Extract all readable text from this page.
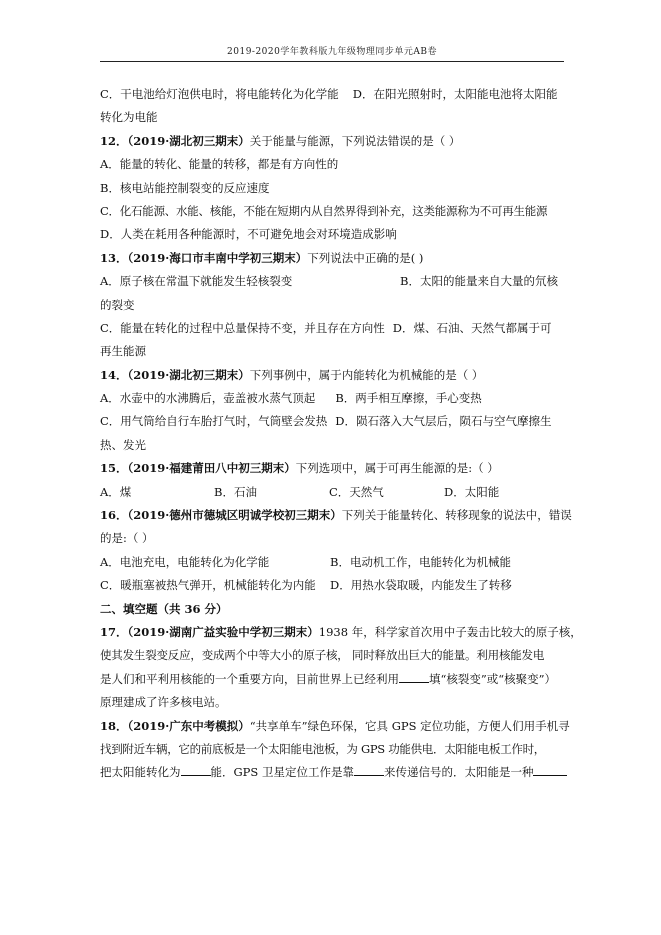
2019-2020学年教科版九年级物理同步单元AB卷
C．干电池给灯泡供电时，将电能转化为化学能 D．在阳光照射时，太阳能电池将太阳能
转化为电能
12．（2019·湖北初三期末）关于能量与能源，下列说法错误的是（ ）
A．能量的转化、能量的转移，都是有方向性的
B．核电站能控制裂变的反应速度
C．化石能源、水能、核能，不能在短期内从自然界得到补充，这类能源称为不可再生能源
D．人类在耗用各种能源时，不可避免地会对环境造成影响
13．（2019·海口市丰南中学初三期末）下列说法中正确的是( )
A．原子核在常温下就能发生轻核裂变	B．太阳的能量来自大量的氘核
的裂变
C．能量在转化的过程中总量保持不变，并且存在方向性 D．煤、石油、天然气都属于可
再生能源
14．（2019·湖北初三期末）下列事例中，属于内能转化为机械能的是（ ）
A．水壶中的水沸腾后，壶盖被水蒸气顶起 B．两手相互摩擦，手心变热
C．用气筒给自行车胎打气时，气筒壁会发热 D．陨石落入大气层后，陨石与空气摩擦生
热、发光
15．（2019·福建莆田八中初三期末）下列选项中，属于可再生能源的是:（ ）
A．煤	B．石油	C．天然气	D．太阳能
16．（2019·德州市德城区明诚学校初三期末）下列关于能量转化、转移现象的说法中，错误
的是:（ ）
A．电池充电，电能转化为化学能	B．电动机工作，电能转化为机械能
C．暖瓶塞被热气弹开，机械能转化为内能 D．用热水袋取暖，内能发生了转移
二、填空题（共 36 分）
17．（2019·湖南广益实验中学初三期末）1938 年，科学家首次用中子轰击比较大的原子核，
使其发生裂变反应，变成两个中等大小的原子核， 同时释放出巨大的能量。利用核能发电
是人们和平利用核能的一个重要方向，目前世界上已经利用	填“核裂变”或“核聚变”）
原理建成了许多核电站。
18．（2019·广东中考模拟）“共享单车”绿色环保，它具 GPS 定位功能，方便人们用手机寻
找到附近车辆，它的前底板是一个太阳能电池板，为 GPS 功能供电．太阳能电板工作时，
把太阳能转化为	能．GPS 卫星定位工作是靠	来传递信号的．太阳能是一种
